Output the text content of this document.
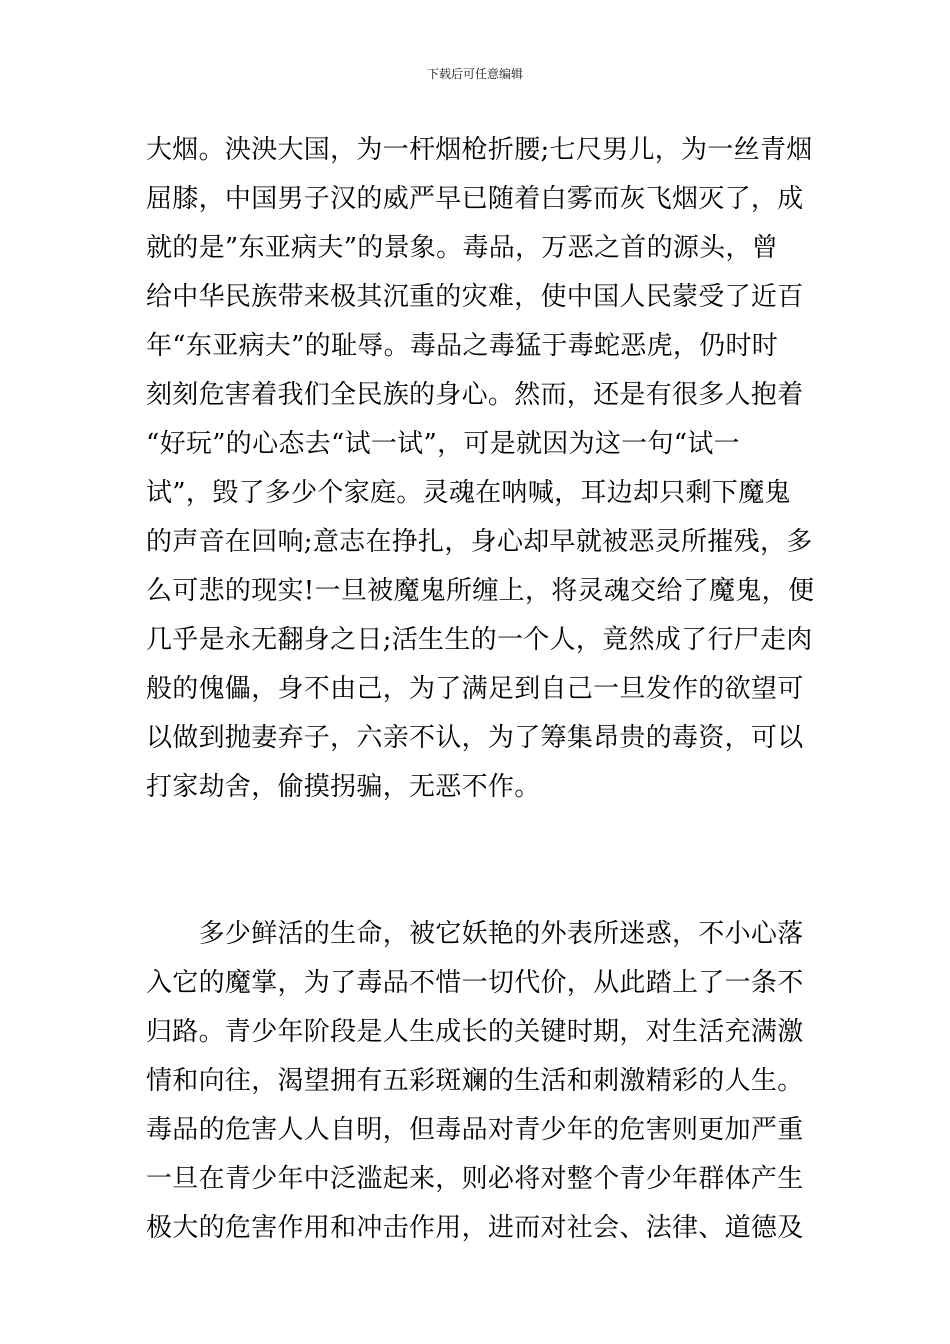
下载后可任意编辑
大烟。泱泱大国，为一杆烟枪折腰;七尺男儿，为一丝青烟
屈膝，中国男子汉的威严早已随着白雾而灰飞烟灭了，成
就的是”东亚病夫”的景象。毒品，万恶之首的源头，曾
给中华民族带来极其沉重的灾难，使中国人民蒙受了近百
年“东亚病夫”的耻辱。毒品之毒猛于毒蛇恶虎，仍时时
刻刻危害着我们全民族的身心。然而，还是有很多人抱着
“好玩”的心态去“试一试”，可是就因为这一句“试一
试”，毁了多少个家庭。灵魂在呐喊，耳边却只剩下魔鬼
的声音在回响;意志在挣扎，身心却早就被恶灵所摧残，多
么可悲的现实!一旦被魔鬼所缠上，将灵魂交给了魔鬼，便
几乎是永无翻身之日;活生生的一个人，竟然成了行尸走肉
般的傀儡，身不由己，为了满足到自己一旦发作的欲望可
以做到抛妻弃子，六亲不认，为了筹集昂贵的毒资，可以
打家劫舍，偷摸拐骗，无恶不作。
　　多少鲜活的生命，被它妖艳的外表所迷惑，不小心落
入它的魔掌，为了毒品不惜一切代价，从此踏上了一条不
归路。青少年阶段是人生成长的关键时期，对生活充满激
情和向往，渴望拥有五彩斑斓的生活和刺激精彩的人生。
毒品的危害人人自明，但毒品对青少年的危害则更加严重
一旦在青少年中泛滥起来，则必将对整个青少年群体产生
极大的危害作用和冲击作用，进而对社会、法律、道德及
